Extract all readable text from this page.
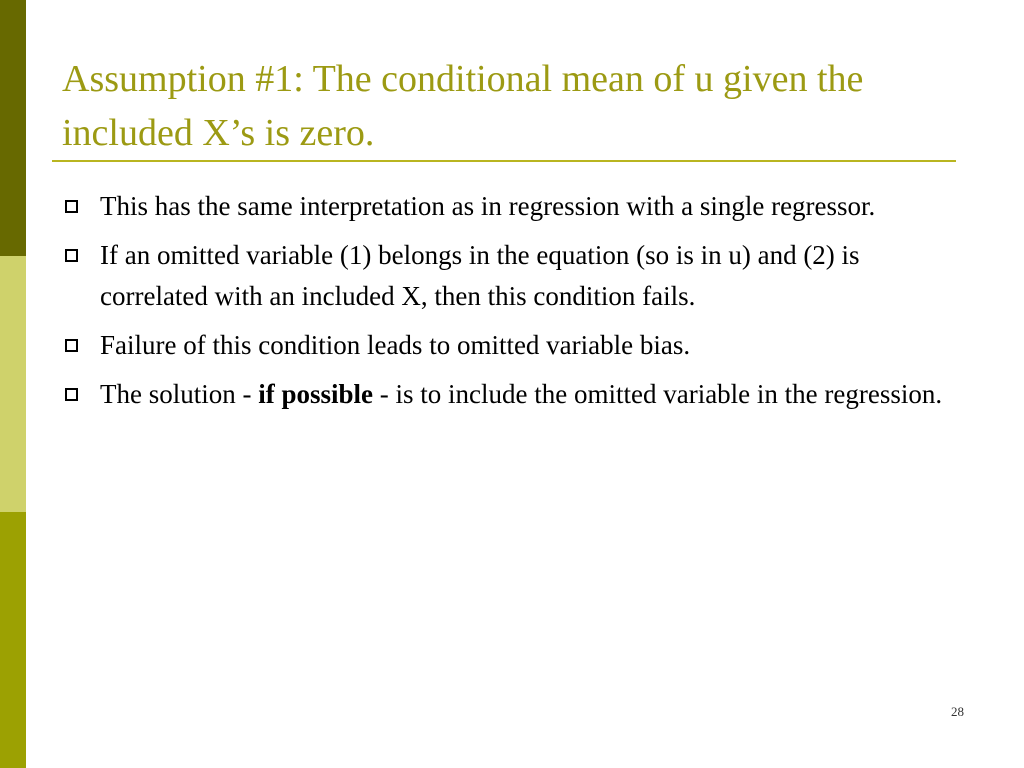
Assumption #1: The conditional mean of u given the included X’s is zero.
This has the same interpretation as in regression with a single regressor.
If an omitted variable (1) belongs in the equation (so is in u) and (2) is correlated with an included X, then this condition fails.
Failure of this condition leads to omitted variable bias.
The solution - if possible - is to include the omitted variable in the regression.
28
